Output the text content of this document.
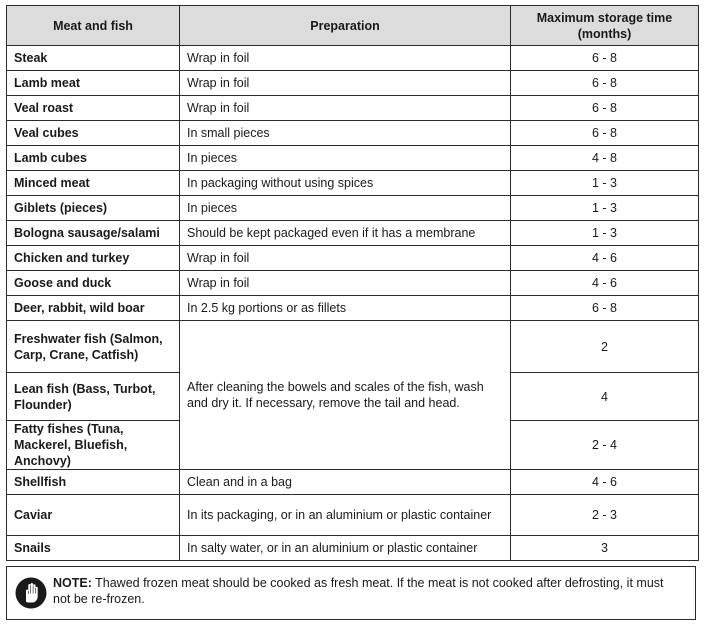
Meat and fish	Preparation	Maximum storage time (months)
Steak	Wrap in foil	6 - 8
Lamb meat	Wrap in foil	6 - 8
Veal roast	Wrap in foil	6 - 8
Veal cubes	In small pieces	6 - 8
Lamb cubes	In pieces	4 - 8
Minced meat	In packaging without using spices	1 - 3
Giblets (pieces)	In pieces	1 - 3
Bologna sausage/salami	Should be kept packaged even if it has a membrane	1 - 3
Chicken and turkey	Wrap in foil	4 - 6
Goose and duck	Wrap in foil	4 - 6
Deer, rabbit, wild boar	In 2.5 kg portions or as fillets	6 - 8
Freshwater fish (Salmon, Carp, Crane, Catfish)	After cleaning the bowels and scales of the fish, wash and dry it. If necessary, remove the tail and head.	2
Lean fish (Bass, Turbot, Flounder)		4
Fatty fishes (Tuna, Mackerel, Bluefish, Anchovy)		2 - 4
Shellfish	Clean and in a bag	4 - 6
Caviar	In its packaging, or in an aluminium or plastic container	2 - 3
Snails	In salty water, or in an aluminium or plastic container	3
NOTE: Thawed frozen meat should be cooked as fresh meat. If the meat is not cooked after defrosting, it must not be re-frozen.
